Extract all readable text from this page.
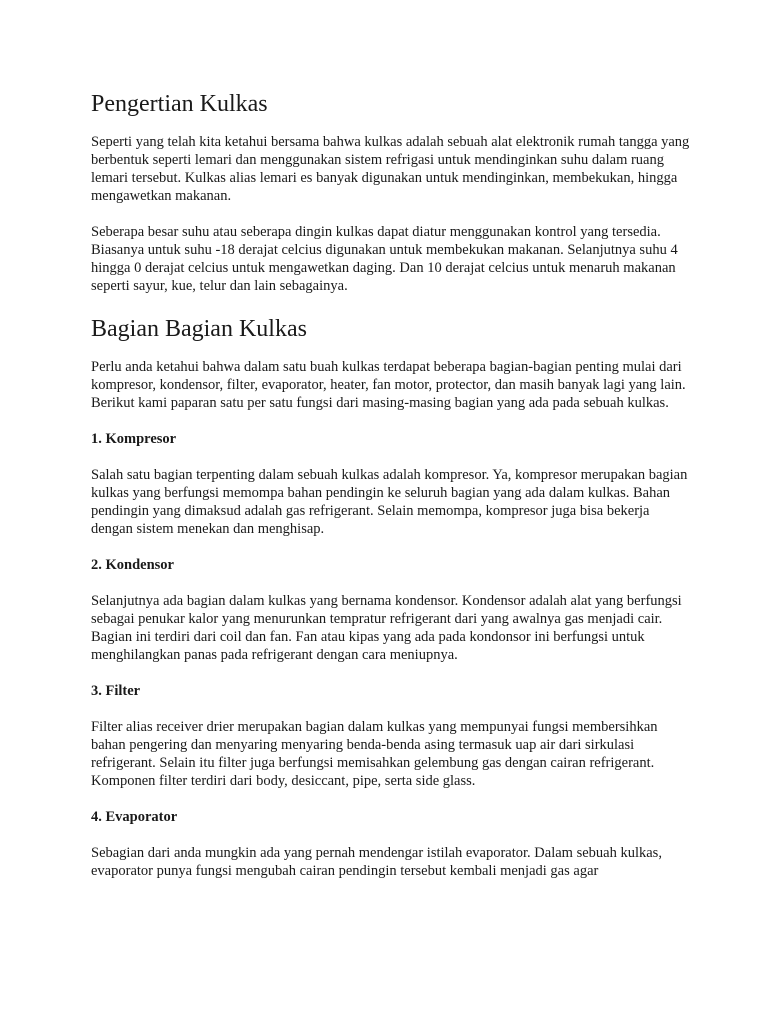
Pengertian Kulkas

Seperti yang telah kita ketahui bersama bahwa kulkas adalah sebuah alat elektronik rumah tangga yang berbentuk seperti lemari dan menggunakan sistem refrigasi untuk mendinginkan suhu dalam ruang lemari tersebut. Kulkas alias lemari es banyak digunakan untuk mendinginkan, membekukan, hingga mengawetkan makanan.

Seberapa besar suhu atau seberapa dingin kulkas dapat diatur menggunakan kontrol yang tersedia. Biasanya untuk suhu -18 derajat celcius digunakan untuk membekukan makanan. Selanjutnya suhu 4 hingga 0 derajat celcius untuk mengawetkan daging. Dan 10 derajat celcius untuk menaruh makanan seperti sayur, kue, telur dan lain sebagainya.

Bagian Bagian Kulkas

Perlu anda ketahui bahwa dalam satu buah kulkas terdapat beberapa bagian-bagian penting mulai dari kompresor, kondensor, filter, evaporator, heater, fan motor, protector, dan masih banyak lagi yang lain. Berikut kami paparan satu per satu fungsi dari masing-masing bagian yang ada pada sebuah kulkas.

1. Kompresor

Salah satu bagian terpenting dalam sebuah kulkas adalah kompresor. Ya, kompresor merupakan bagian kulkas yang berfungsi memompa bahan pendingin ke seluruh bagian yang ada dalam kulkas. Bahan pendingin yang dimaksud adalah gas refrigerant. Selain memompa, kompresor juga bisa bekerja dengan sistem menekan dan menghisap.

2. Kondensor

Selanjutnya ada bagian dalam kulkas yang bernama kondensor. Kondensor adalah alat yang berfungsi sebagai penukar kalor yang menurunkan tempratur refrigerant dari yang awalnya gas menjadi cair. Bagian ini terdiri dari coil dan fan. Fan atau kipas yang ada pada kondonsor ini berfungsi untuk menghilangkan panas pada refrigerant dengan cara meniupnya.

3. Filter

Filter alias receiver drier merupakan bagian dalam kulkas yang mempunyai fungsi membersihkan bahan pengering dan menyaring menyaring benda-benda asing termasuk uap air dari sirkulasi refrigerant. Selain itu filter juga berfungsi memisahkan gelembung gas dengan cairan refrigerant. Komponen filter terdiri dari body, desiccant, pipe, serta side glass.

4. Evaporator

Sebagian dari anda mungkin ada yang pernah mendengar istilah evaporator. Dalam sebuah kulkas, evaporator punya fungsi mengubah cairan pendingin tersebut kembali menjadi gas agar
